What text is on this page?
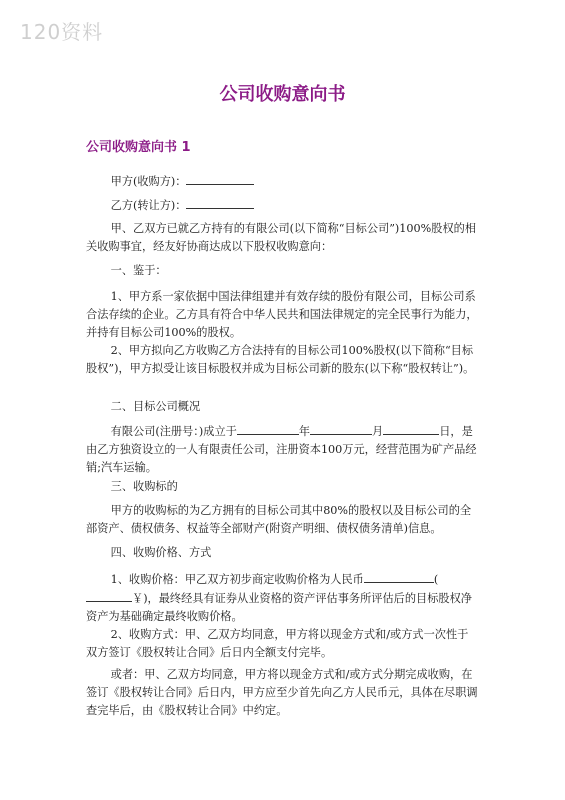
120资料
公司收购意向书
公司收购意向书 1

甲方(收购方)：

乙方(转让方)：

甲、乙双方已就乙方持有的有限公司(以下简称“目标公司”)100%股权的相关收购事宜，经友好协商达成以下股权收购意向：

一、鉴于：

1、甲方系一家依据中国法律组建并有效存续的股份有限公司，目标公司系合法存续的企业。乙方具有符合中华人民共和国法律规定的完全民事行为能力，并持有目标公司100%的股权。

2、甲方拟向乙方收购乙方合法持有的目标公司100%股权(以下简称“目标股权”)，甲方拟受让该目标股权并成为目标公司新的股东(以下称“股权转让”)。

二、目标公司概况

有限公司(注册号：)成立于	年	月	日，是由乙方独资设立的一人有限责任公司，注册资本100万元，经营范围为矿产品经销;汽车运输。

三、收购标的

甲方的收购标的为乙方拥有的目标公司其中80%的股权以及目标公司的全部资产、债权债务、权益等全部财产(附资产明细、债权债务清单)信息。

四、收购价格、方式

1、收购价格：甲乙双方初步商定收购价格为人民币	(￥)，最终经具有证券从业资格的资产评估事务所评估后的目标股权净资产为基础确定最终收购价格。

2、收购方式：甲、乙双方均同意，甲方将以现金方式和/或方式一次性于双方签订《股权转让合同》后日内全额支付完毕。

或者：甲、乙双方均同意，甲方将以现金方式和/或方式分期完成收购，在签订《股权转让合同》后日内，甲方应至少首先向乙方人民币元，具体在尽职调查完毕后，由《股权转让合同》中约定。
